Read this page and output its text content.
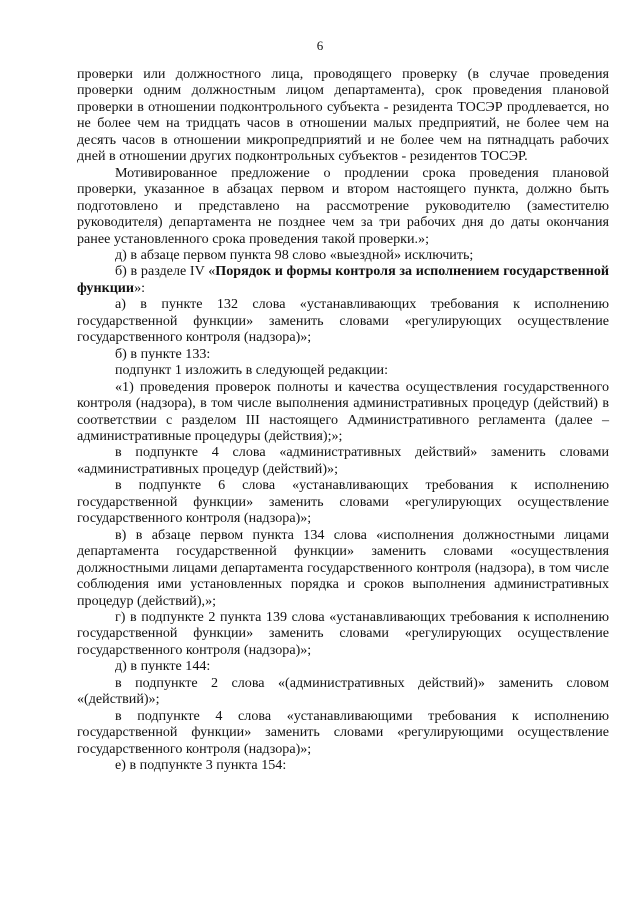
6

проверки или должностного лица, проводящего проверку (в случае проведения проверки одним должностным лицом департамента), срок проведения плановой проверки в отношении подконтрольного субъекта - резидента ТОСЭР продлевается, но не более чем на тридцать часов в отношении малых предприятий, не более чем на десять часов в отношении микропредприятий и не более чем на пятнадцать рабочих дней в отношении других подконтрольных субъектов - резидентов ТОСЭР.

Мотивированное предложение о продлении срока проведения плановой проверки, указанное в абзацах первом и втором настоящего пункта, должно быть подготовлено и представлено на рассмотрение руководителю (заместителю руководителя) департамента не позднее чем за три рабочих дня до даты окончания ранее установленного срока проведения такой проверки.»;

д) в абзаце первом пункта 98 слово «выездной» исключить;

б) в разделе IV «Порядок и формы контроля за исполнением государственной функции»:

а) в пункте 132 слова «устанавливающих требования к исполнению государственной функции» заменить словами «регулирующих осуществление государственного контроля (надзора)»;

б) в пункте 133:

подпункт 1 изложить в следующей редакции:

«1) проведения проверок полноты и качества осуществления государственного контроля (надзора), в том числе выполнения административных процедур (действий) в соответствии с разделом III настоящего Административного регламента (далее – административные процедуры (действия);»;

в подпункте 4 слова «административных действий» заменить словами «административных процедур (действий)»;

в подпункте 6 слова «устанавливающих требования к исполнению государственной функции» заменить словами «регулирующих осуществление государственного контроля (надзора)»;

в) в абзаце первом пункта 134 слова «исполнения должностными лицами департамента государственной функции» заменить словами «осуществления должностными лицами департамента государственного контроля (надзора), в том числе соблюдения ими установленных порядка и сроков выполнения административных процедур (действий),»;

г) в подпункте 2 пункта 139 слова «устанавливающих требования к исполнению государственной функции» заменить словами «регулирующих осуществление государственного контроля (надзора)»;

д) в пункте 144:

в подпункте 2 слова «(административных действий)» заменить словом «(действий)»;

в подпункте 4 слова «устанавливающими требования к исполнению государственной функции» заменить словами «регулирующими осуществление государственного контроля (надзора)»;

е) в подпункте 3 пункта 154:
